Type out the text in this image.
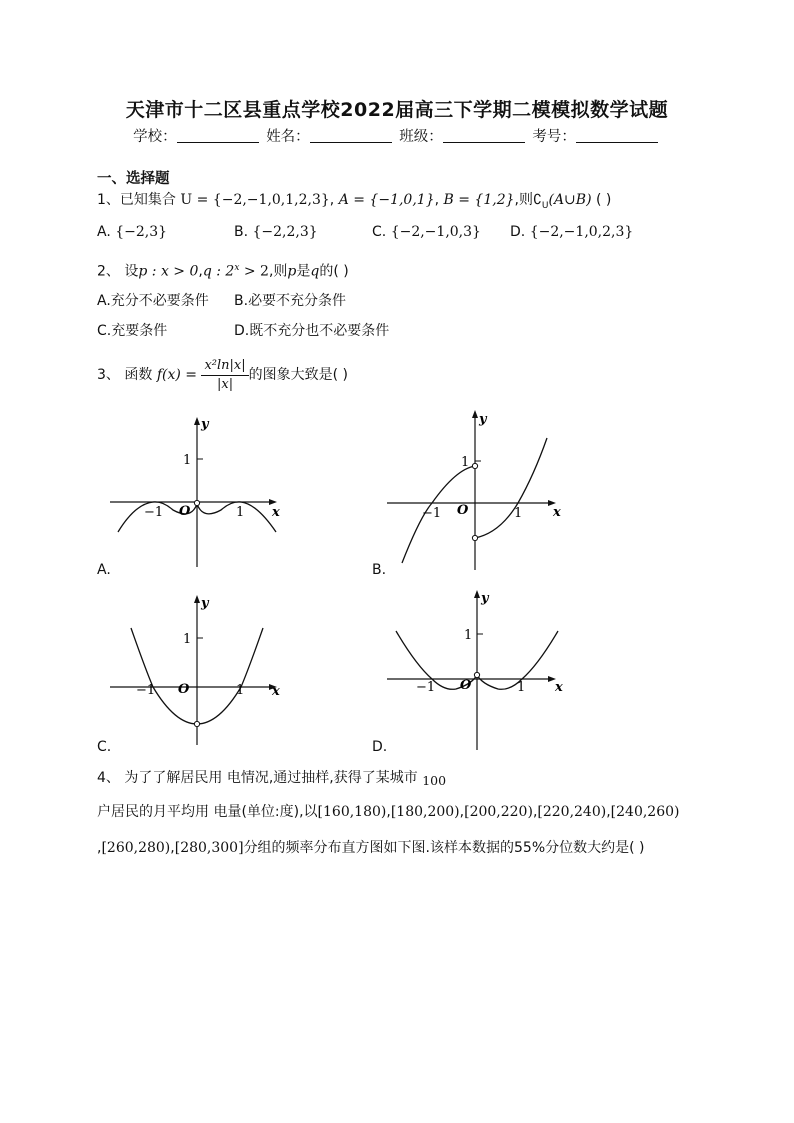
天津市十二区县重点学校2022届高三下学期二模模拟数学试题
学校：	姓名：	班级：	考号：
一、选择题
1、已知集合 U = {−2,−1,0,1,2,3}, A = {−1,0,1}, B = {1,2},则$∁_U(A\cup B)$ ( )
A. {−2,3}	B. {−2,2,3}	C. {−2,−1,0,3} D. {−2,−1,0,2,3}
2、 设p : x > 0,q : $2^x > 2$,则p是q的( )
A.充分不必要条件 B.必要不充分条件
C.充要条件	D.既不充分也不必要条件
3、 函数 $f(x) = \frac{\text{x²ln|x|}}{|x|}$ 的图象大致是( )
y
x
O
1
−1	1
A.
y
x
O
1
−1	1
B.
y
x
O
1
−1	1
C.
y
x
O
1
−1	1
D.
4、 为了了解居民用 电情况,通过抽样,获得了某城市 100
户居民的月平均用 电量(单位:度),以[160,180),[180,200),[200,220),[220,240),[240,260)
,[260,280),[280,300]分组的频率分布直方图如下图.该样本数据的55%分位数大约是( )
